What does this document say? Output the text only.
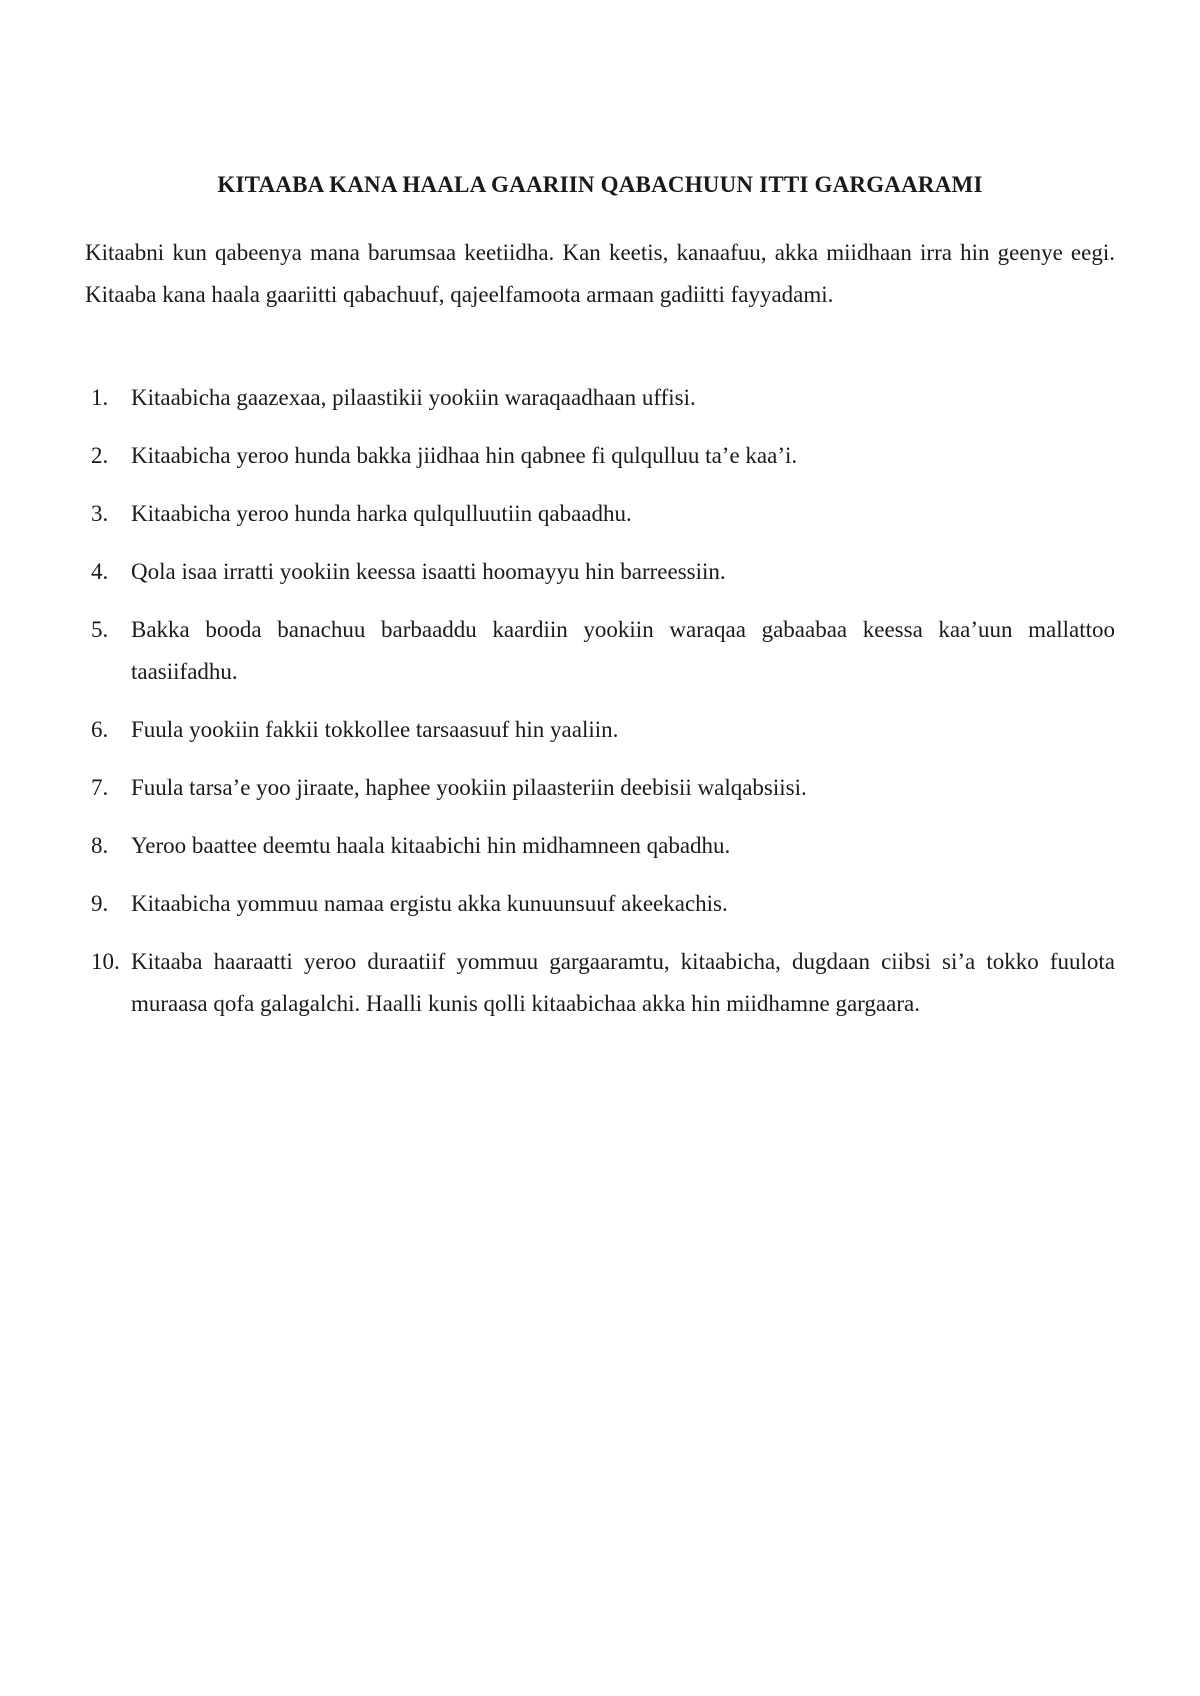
KITAABA KANA HAALA GAARIIN QABACHUUN ITTI GARGAARAMI

Kitaabni kun qabeenya mana barumsaa keetiidha. Kan keetis, kanaafuu, akka miidhaan irra hin geenye eegi. Kitaaba kana haala gaariitti qabachuuf, qajeelfamoota armaan gadiitti fayyadami.

1. Kitaabicha gaazexaa, pilaastikii yookiin waraqaadhaan uffisi.
2. Kitaabicha yeroo hunda bakka jiidhaa hin qabnee fi qulqulluu ta’e kaa’i.
3. Kitaabicha yeroo hunda harka qulqulluutiin qabaadhu.
4. Qola isaa irratti yookiin keessa isaatti hoomayyu hin barreessiin.
5. Bakka booda banachuu barbaaddu kaardiin yookiin waraqaa gabaabaa keessa kaa’uun mallattoo taasiifadhu.
6. Fuula yookiin fakkii tokkollee tarsaasuuf hin yaaliin.
7. Fuula tarsa’e yoo jiraate, haphee yookiin pilaasteriin deebisii walqabsiisi.
8. Yeroo baattee deemtu haala kitaabichi hin midhamneen qabadhu.
9. Kitaabicha yommuu namaa ergistu akka kunuunsuuf akeekachis.
10. Kitaaba haaraatti yeroo duraatiif yommuu gargaaramtu, kitaabicha, dugdaan ciibsi si’a tokko fuulota muraasa qofa galagalchi. Haalli kunis qolli kitaabichaa akka hin miidhamne gargaara.
